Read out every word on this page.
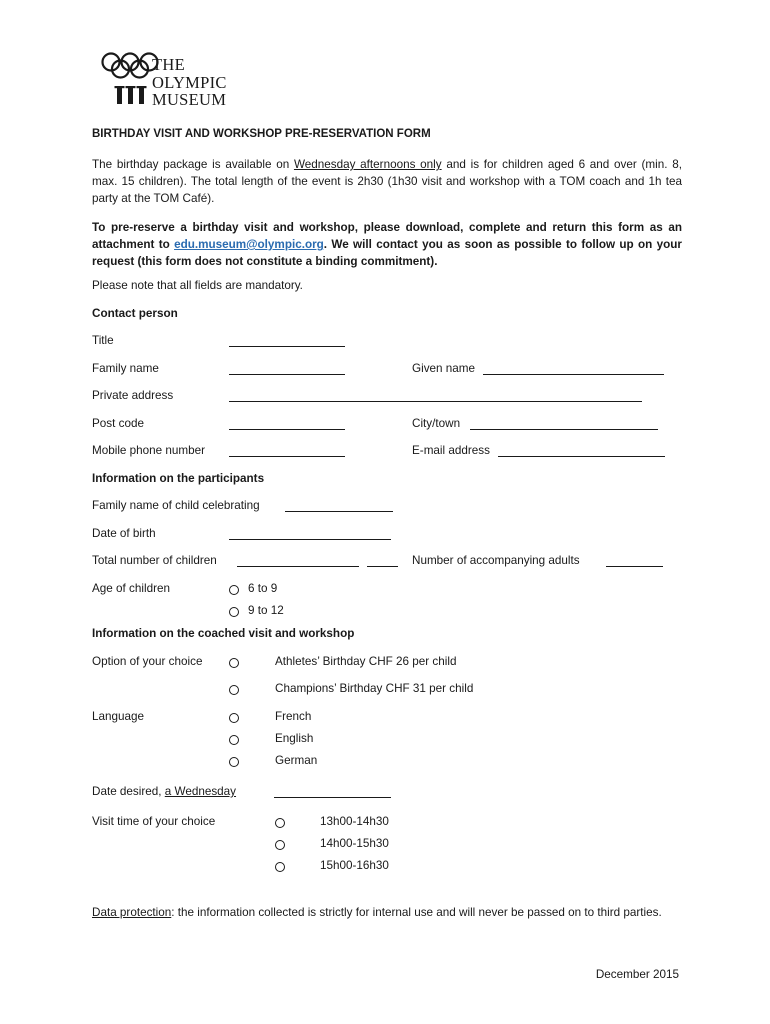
THE
OLYMPIC
MUSEUM
BIRTHDAY VISIT AND WORKSHOP PRE-RESERVATION FORM
The birthday package is available on Wednesday afternoons only and is for children aged 6 and over (min. 8, max. 15 children). The total length of the event is 2h30 (1h30 visit and workshop with a TOM coach and 1h tea party at the TOM Café).
To pre-reserve a birthday visit and workshop, please download, complete and return this form as an attachment to edu.museum@olympic.org. We will contact you as soon as possible to follow up on your request (this form does not constitute a binding commitment).
Please note that all fields are mandatory.
Contact person
Title
Family name	Given name
Private address
Post code	City/town
Mobile phone number	E-mail address
Information on the participants
Family name of child celebrating
Date of birth
Total number of children	Number of accompanying adults
Age of children	6 to 9
9 to 12
Information on the coached visit and workshop
Option of your choice	Athletes’ Birthday CHF 26 per child
Champions’ Birthday CHF 31 per child
Language	French
English
German
Date desired, a Wednesday
Visit time of your choice	13h00-14h30
14h00-15h30
15h00-16h30
Data protection: the information collected is strictly for internal use and will never be passed on to third parties.
December 2015
